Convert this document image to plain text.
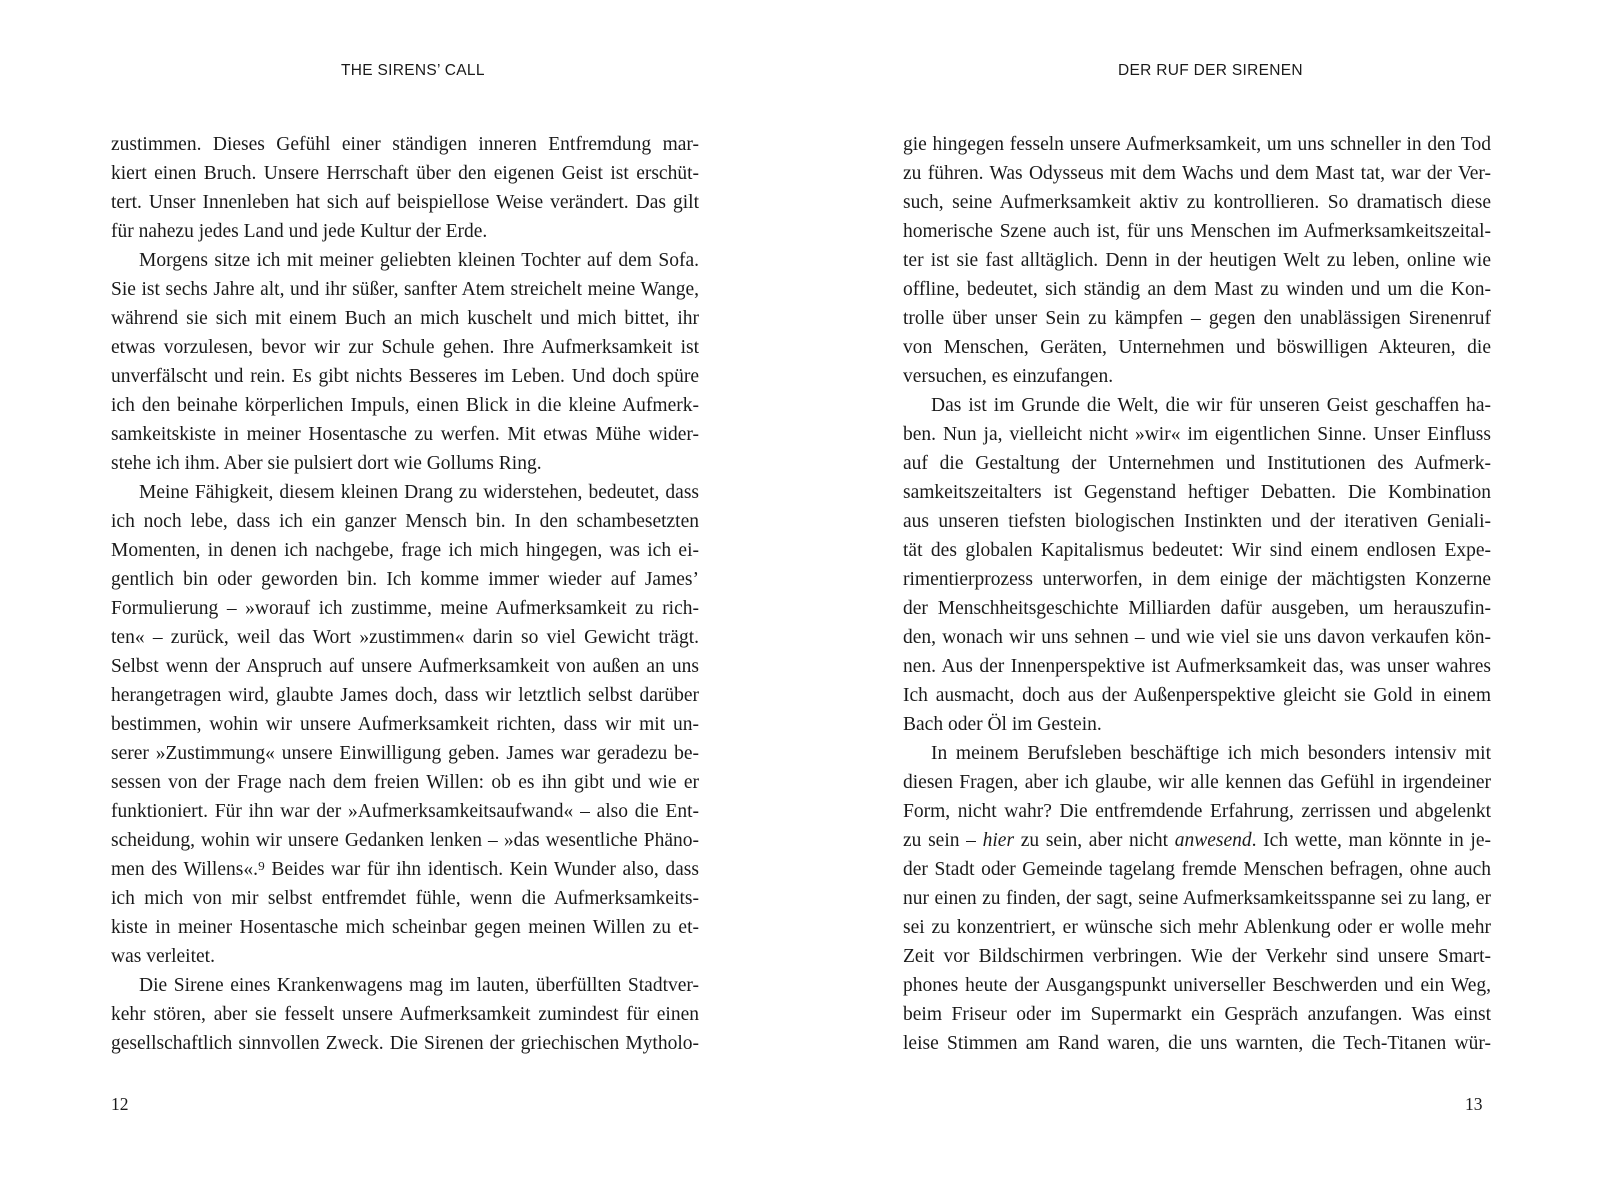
THE SIRENS’ CALL
zustimmen. Dieses Gefühl einer ständigen inneren Entfremdung mar-
kiert einen Bruch. Unsere Herrschaft über den eigenen Geist ist erschüt-
tert. Unser Innenleben hat sich auf beispiellose Weise verändert. Das gilt
für nahezu jedes Land und jede Kultur der Erde.
Morgens sitze ich mit meiner geliebten kleinen Tochter auf dem Sofa.
Sie ist sechs Jahre alt, und ihr süßer, sanfter Atem streichelt meine Wange,
während sie sich mit einem Buch an mich kuschelt und mich bittet, ihr
etwas vorzulesen, bevor wir zur Schule gehen. Ihre Aufmerksamkeit ist
unverfälscht und rein. Es gibt nichts Besseres im Leben. Und doch spüre
ich den beinahe körperlichen Impuls, einen Blick in die kleine Aufmerk-
samkeitskiste in meiner Hosentasche zu werfen. Mit etwas Mühe wider-
stehe ich ihm. Aber sie pulsiert dort wie Gollums Ring.
Meine Fähigkeit, diesem kleinen Drang zu widerstehen, bedeutet, dass
ich noch lebe, dass ich ein ganzer Mensch bin. In den schambesetzten
Momenten, in denen ich nachgebe, frage ich mich hingegen, was ich ei-
gentlich bin oder geworden bin. Ich komme immer wieder auf James’
Formulierung – »worauf ich zustimme, meine Aufmerksamkeit zu rich-
ten« – zurück, weil das Wort »zustimmen« darin so viel Gewicht trägt.
Selbst wenn der Anspruch auf unsere Aufmerksamkeit von außen an uns
herangetragen wird, glaubte James doch, dass wir letztlich selbst darüber
bestimmen, wohin wir unsere Aufmerksamkeit richten, dass wir mit un-
serer »Zustimmung« unsere Einwilligung geben. James war geradezu be-
sessen von der Frage nach dem freien Willen: ob es ihn gibt und wie er
funktioniert. Für ihn war der »Aufmerksamkeitsaufwand« – also die Ent-
scheidung, wohin wir unsere Gedanken lenken – »das wesentliche Phäno-
men des Willens«.⁹ Beides war für ihn identisch. Kein Wunder also, dass
ich mich von mir selbst entfremdet fühle, wenn die Aufmerksamkeits-
kiste in meiner Hosentasche mich scheinbar gegen meinen Willen zu et-
was verleitet.
Die Sirene eines Krankenwagens mag im lauten, überfüllten Stadtver-
kehr stören, aber sie fesselt unsere Aufmerksamkeit zumindest für einen
gesellschaftlich sinnvollen Zweck. Die Sirenen der griechischen Mytholo-
12
DER RUF DER SIRENEN
gie hingegen fesseln unsere Aufmerksamkeit, um uns schneller in den Tod
zu führen. Was Odysseus mit dem Wachs und dem Mast tat, war der Ver-
such, seine Aufmerksamkeit aktiv zu kontrollieren. So dramatisch diese
homerische Szene auch ist, für uns Menschen im Aufmerksamkeitszeital-
ter ist sie fast alltäglich. Denn in der heutigen Welt zu leben, online wie
offline, bedeutet, sich ständig an dem Mast zu winden und um die Kon-
trolle über unser Sein zu kämpfen – gegen den unablässigen Sirenenruf
von Menschen, Geräten, Unternehmen und böswilligen Akteuren, die
versuchen, es einzufangen.
Das ist im Grunde die Welt, die wir für unseren Geist geschaffen ha-
ben. Nun ja, vielleicht nicht »wir« im eigentlichen Sinne. Unser Einfluss
auf die Gestaltung der Unternehmen und Institutionen des Aufmerk-
samkeitszeitalters ist Gegenstand heftiger Debatten. Die Kombination
aus unseren tiefsten biologischen Instinkten und der iterativen Geniali-
tät des globalen Kapitalismus bedeutet: Wir sind einem endlosen Expe-
rimentierprozess unterworfen, in dem einige der mächtigsten Konzerne
der Menschheitsgeschichte Milliarden dafür ausgeben, um herauszufin-
den, wonach wir uns sehnen – und wie viel sie uns davon verkaufen kön-
nen. Aus der Innenperspektive ist Aufmerksamkeit das, was unser wahres
Ich ausmacht, doch aus der Außenperspektive gleicht sie Gold in einem
Bach oder Öl im Gestein.
In meinem Berufsleben beschäftige ich mich besonders intensiv mit
diesen Fragen, aber ich glaube, wir alle kennen das Gefühl in irgendeiner
Form, nicht wahr? Die entfremdende Erfahrung, zerrissen und abgelenkt
zu sein – hier zu sein, aber nicht anwesend. Ich wette, man könnte in je-
der Stadt oder Gemeinde tagelang fremde Menschen befragen, ohne auch
nur einen zu finden, der sagt, seine Aufmerksamkeitsspanne sei zu lang, er
sei zu konzentriert, er wünsche sich mehr Ablenkung oder er wolle mehr
Zeit vor Bildschirmen verbringen. Wie der Verkehr sind unsere Smart-
phones heute der Ausgangspunkt universeller Beschwerden und ein Weg,
beim Friseur oder im Supermarkt ein Gespräch anzufangen. Was einst
leise Stimmen am Rand waren, die uns warnten, die Tech-Titanen wür-
13
